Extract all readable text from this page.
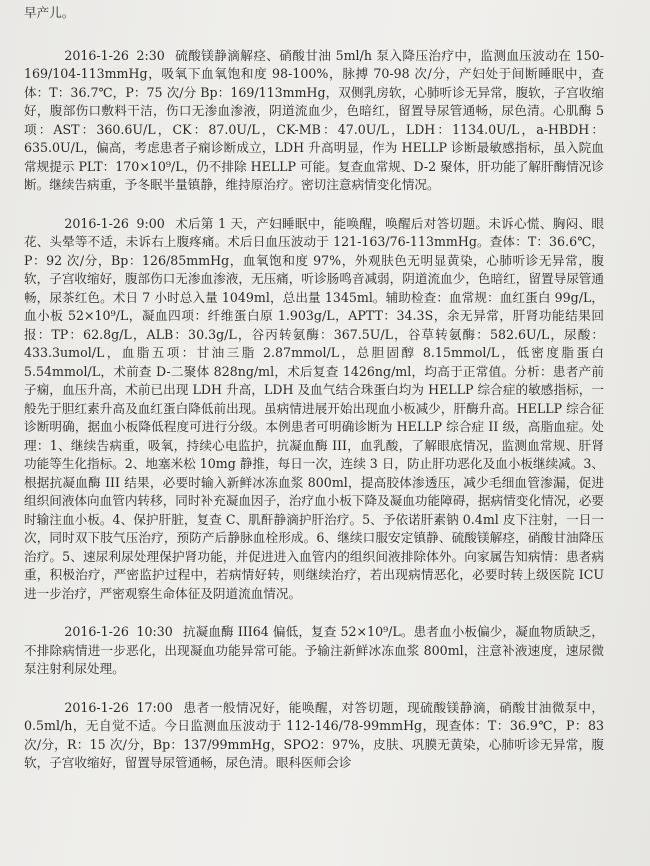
早产儿。

2016-1-26 2:30 硫酸镁静滴解痉、硝酸甘油 5ml/h 泵入降压治疗中，监测血压波动在 150-169/104-113mmHg，吸氧下血氧饱和度 98-100%，脉搏 70-98 次/分，产妇处于间断睡眠中，查体：T：36.7℃，P：75 次/分 Bp：169/113mmHg，双侧乳房软，心肺听诊无异常，腹软，子宫收缩好，腹部伤口敷料干洁，伤口无渗血渗液，阴道流血少，色暗红，留置导尿管通畅，尿色清。心肌酶 5 项：AST：360.6U/L，CK：87.0U/L，CK-MB：47.0U/L，LDH：1134.0U/L，a-HBDH：635.0U/L，偏高，考虑患者子痫诊断成立，LDH 升高明显，作为 HELLP 诊断最敏感指标，虽入院血常规提示 PLT：170×10⁹/L，仍不排除 HELLP 可能。复查血常规、D-2 聚体，肝功能了解肝酶情况诊断。继续告病重，予冬眠半量镇静，维持原治疗。密切注意病情变化情况。

2016-1-26 9:00 术后第 1 天，产妇睡眠中，能唤醒，唤醒后对答切题。未诉心慌、胸闷、眼花、头晕等不适，未诉右上腹疼痛。术后日血压波动于 121-163/76-113mmHg。查体：T：36.6℃，P：92 次/分，Bp：126/85mmHg，血氧饱和度 97%，外观肤色无明显黄染，心肺听诊无异常，腹软，子宫收缩好，腹部伤口无渗血渗液，无压痛，听诊肠鸣音减弱，阴道流血少，色暗红，留置导尿管通畅，尿茶红色。术日 7 小时总入量 1049ml，总出量 1345ml。辅助检查：血常规：血红蛋白 99g/L，血小板 52×10⁹/L，凝血四项：纤维蛋白原 1.903g/L，APTT：34.3S，余无异常，肝肾功能结果回报：TP：62.8g/L，ALB：30.3g/L，谷丙转氨酶：367.5U/L，谷草转氨酶：582.6U/L，尿酸：433.3umol/L，血脂五项：甘油三脂 2.87mmol/L，总胆固醇 8.15mmol/L，低密度脂蛋白 5.54mmol/L，术前查 D-二聚体 828ng/ml，术后复查 1426ng/ml，均高于正常值。分析：患者产前子痫，血压升高，术前已出现 LDH 升高，LDH 及血气结合珠蛋白均为 HELLP 综合症的敏感指标，一般先于胆红素升高及血红蛋白降低前出现。虽病情进展开始出现血小板减少，肝酶升高。HELLP 综合征诊断明确，据血小板降低程度可进行分级。本例患者可明确诊断为 HELLP 综合症 II 级，高脂血症。处理：1、继续告病重，吸氧，持续心电监护，抗凝血酶 III，血乳酸，了解眼底情况，监测血常规、肝肾功能等生化指标。2、地塞米松 10mg 静推，每日一次，连续 3 日，防止肝功恶化及血小板继续减。3、根据抗凝血酶 III 结果，必要时输入新鲜冰冻血浆 800ml，提高胶体渗透压，减少毛细血管渗漏，促进组织间液体向血管内转移，同时补充凝血因子，治疗血小板下降及凝血功能障碍，据病情变化情况，必要时输注血小板。4、保护肝脏，复查 C、肌酐静滴护肝治疗。5、予依诺肝素钠 0.4ml 皮下注射，一日一次，同时双下肢气压治疗，预防产后静脉血栓形成。6、继续口服安定镇静、硫酸镁解痉，硝酸甘油降压治疗。5、速尿利尿处理保护肾功能，并促进进入血管内的组织间液排除体外。向家属告知病情：患者病重，积极治疗，严密监护过程中，若病情好转，则继续治疗，若出现病情恶化，必要时转上级医院 ICU 进一步治疗，严密观察生命体征及阴道流血情况。

2016-1-26 10:30 抗凝血酶 III64 偏低，复查 52×10⁹/L。患者血小板偏少，凝血物质缺乏，不排除病情进一步恶化，出现凝血功能异常可能。予输注新鲜冰冻血浆 800ml，注意补液速度，速尿微泵注射利尿处理。

2016-1-26 17:00 患者一般情况好，能唤醒，对答切题，现硫酸镁静滴，硝酸甘油微泵中，0.5ml/h，无自觉不适。今日监测血压波动于 112-146/78-99mmHg，现查体：T：36.9℃，P：83 次/分，R：15 次/分，Bp：137/99mmHg，SPO2：97%，皮肤、巩膜无黄染，心肺听诊无异常，腹软，子宫收缩好，留置导尿管通畅，尿色清。眼科医师会诊
